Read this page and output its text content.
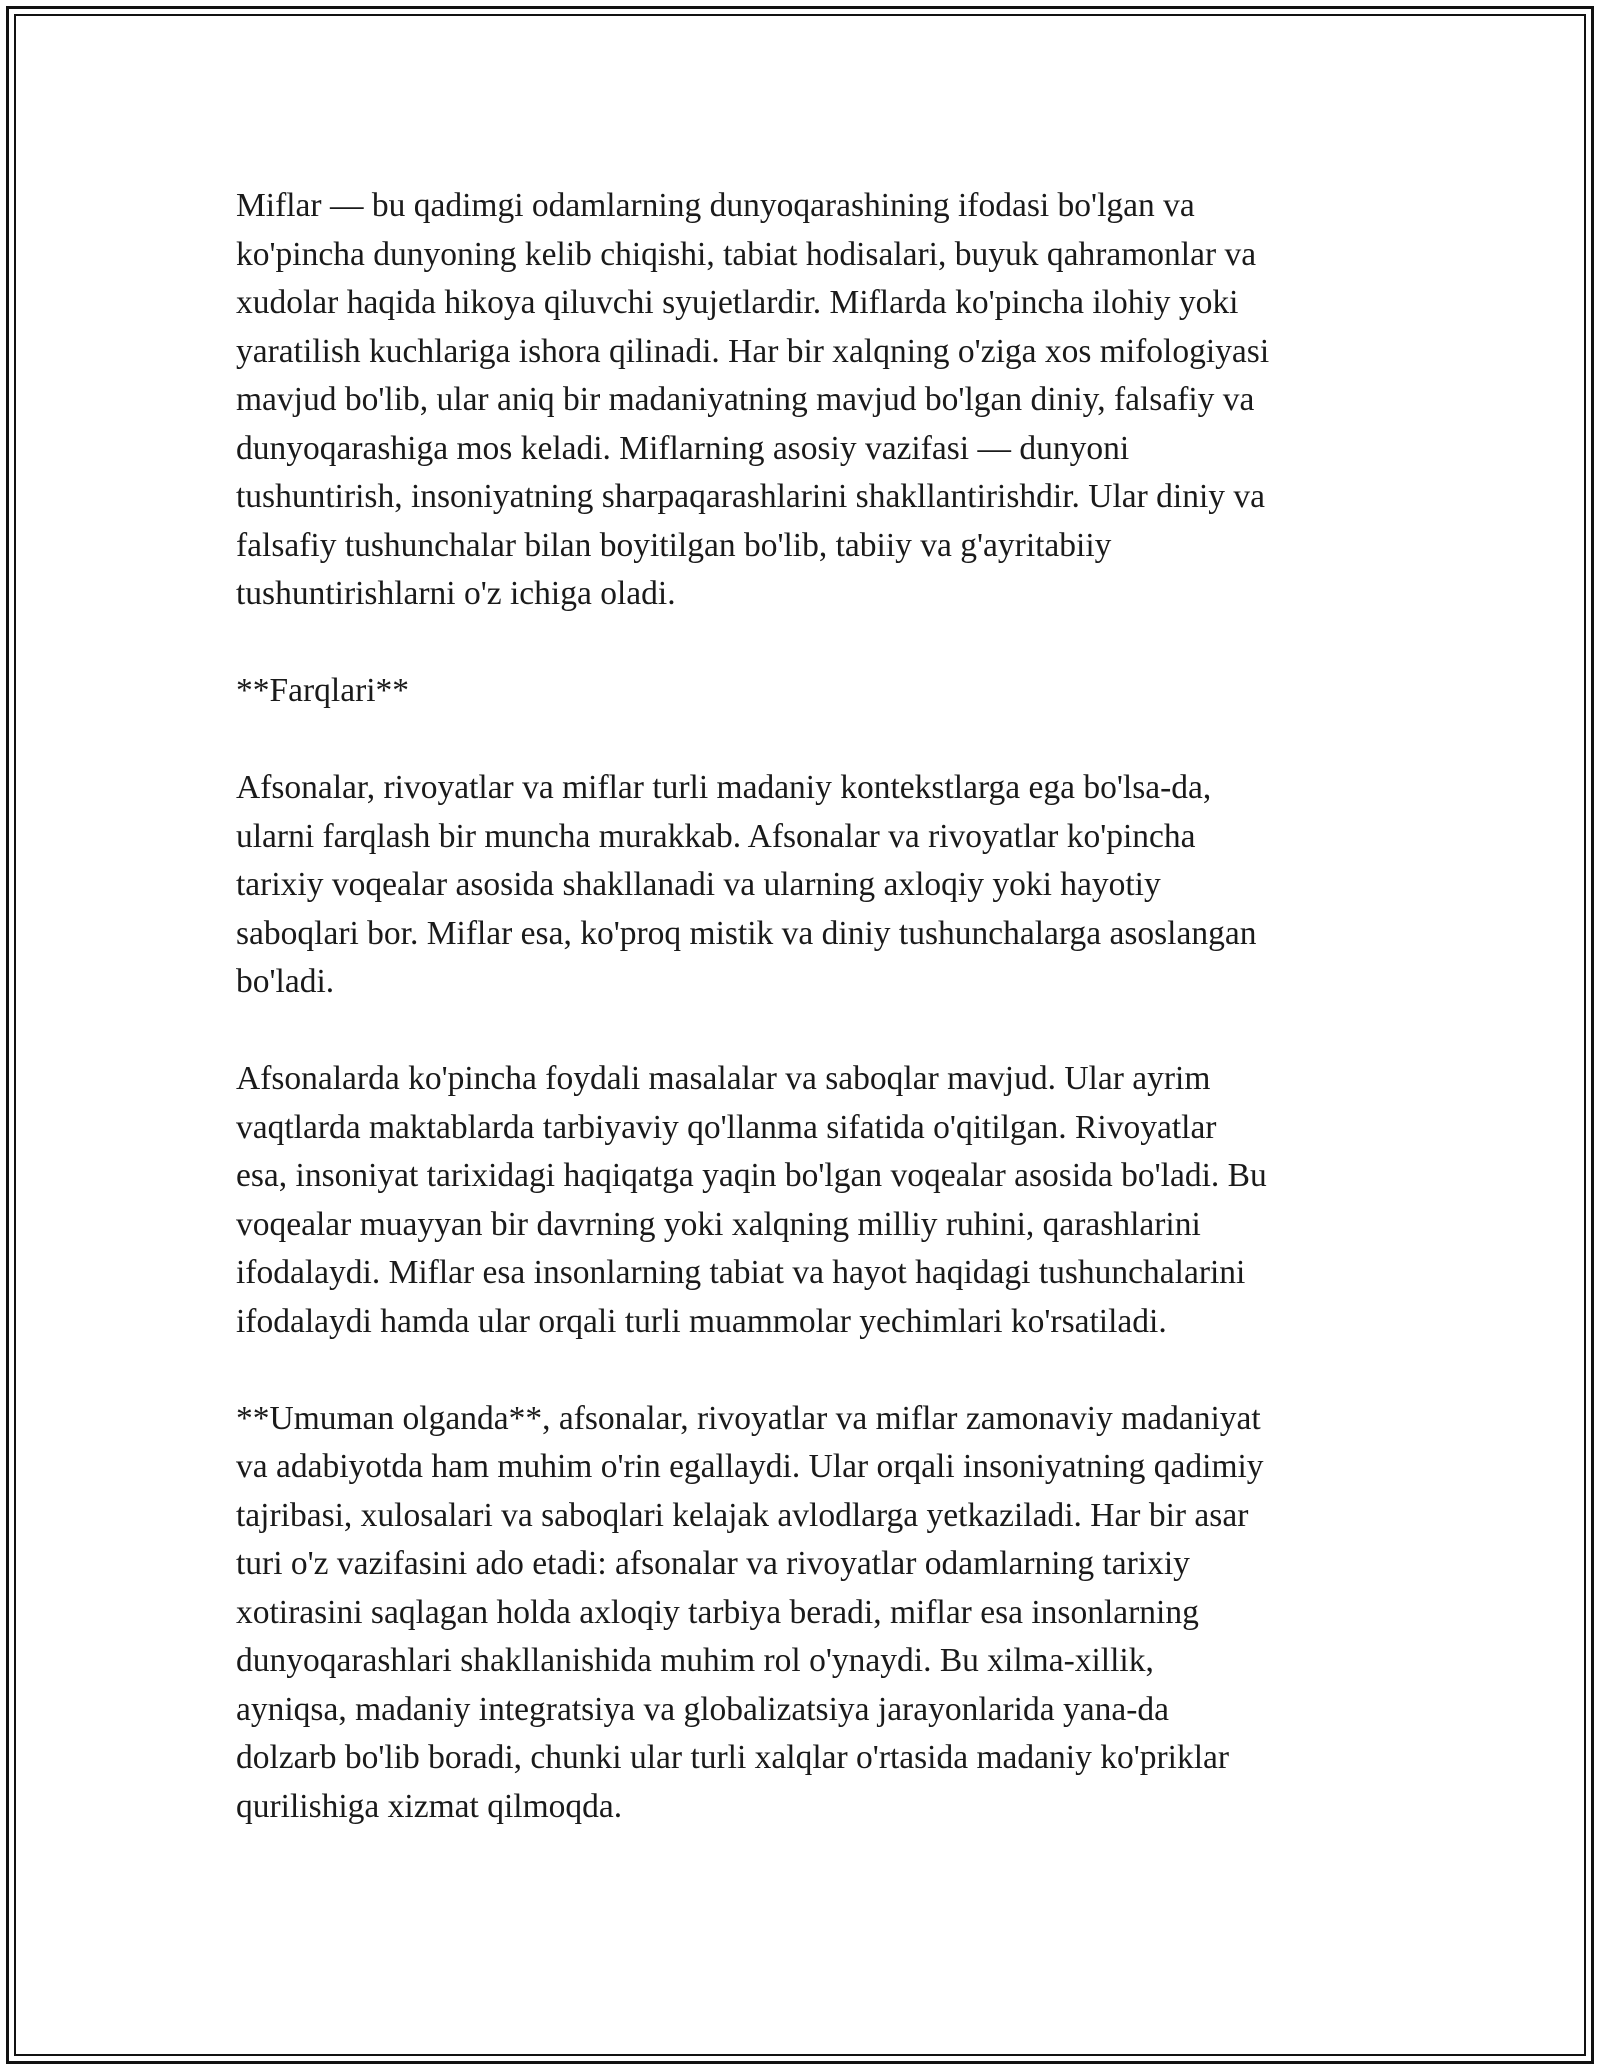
Miflar — bu qadimgi odamlarning dunyoqarashining ifodasi bo'lgan va
ko'pincha dunyoning kelib chiqishi, tabiat hodisalari, buyuk qahramonlar va
xudolar haqida hikoya qiluvchi syujetlardir. Miflarda ko'pincha ilohiy yoki
yaratilish kuchlariga ishora qilinadi. Har bir xalqning o'ziga xos mifologiyasi
mavjud bo'lib, ular aniq bir madaniyatning mavjud bo'lgan diniy, falsafiy va
dunyoqarashiga mos keladi. Miflarning asosiy vazifasi — dunyoni
tushuntirish, insoniyatning sharpaqarashlarini shakllantirishdir. Ular diniy va
falsafiy tushunchalar bilan boyitilgan bo'lib, tabiiy va g'ayritabiiy
tushuntirishlarni o'z ichiga oladi.

**Farqlari**

Afsonalar, rivoyatlar va miflar turli madaniy kontekstlarga ega bo'lsa-da,
ularni farqlash bir muncha murakkab. Afsonalar va rivoyatlar ko'pincha
tarixiy voqealar asosida shakllanadi va ularning axloqiy yoki hayotiy
saboqlari bor. Miflar esa, ko'proq mistik va diniy tushunchalarga asoslangan
bo'ladi.

Afsonalarda ko'pincha foydali masalalar va saboqlar mavjud. Ular ayrim
vaqtlarda maktablarda tarbiyaviy qo'llanma sifatida o'qitilgan. Rivoyatlar
esa, insoniyat tarixidagi haqiqatga yaqin bo'lgan voqealar asosida bo'ladi. Bu
voqealar muayyan bir davrning yoki xalqning milliy ruhini, qarashlarini
ifodalaydi. Miflar esa insonlarning tabiat va hayot haqidagi tushunchalarini
ifodalaydi hamda ular orqali turli muammolar yechimlari ko'rsatiladi.

**Umuman olganda**, afsonalar, rivoyatlar va miflar zamonaviy madaniyat
va adabiyotda ham muhim o'rin egallaydi. Ular orqali insoniyatning qadimiy
tajribasi, xulosalari va saboqlari kelajak avlodlarga yetkaziladi. Har bir asar
turi o'z vazifasini ado etadi: afsonalar va rivoyatlar odamlarning tarixiy
xotirasini saqlagan holda axloqiy tarbiya beradi, miflar esa insonlarning
dunyoqarashlari shakllanishida muhim rol o'ynaydi. Bu xilma-xillik,
ayniqsa, madaniy integratsiya va globalizatsiya jarayonlarida yana-da
dolzarb bo'lib boradi, chunki ular turli xalqlar o'rtasida madaniy ko'priklar
qurilishiga xizmat qilmoqda.
